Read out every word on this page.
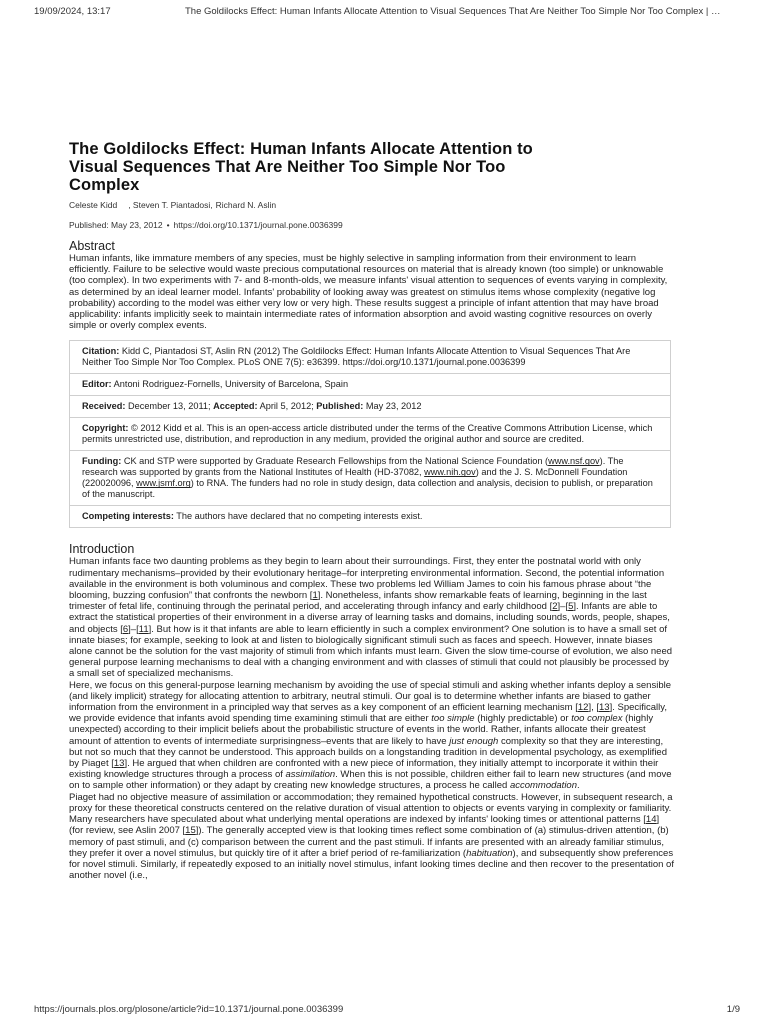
19/09/2024, 13:17	The Goldilocks Effect: Human Infants Allocate Attention to Visual Sequences That Are Neither Too Simple Nor Too Complex | …
The Goldilocks Effect: Human Infants Allocate Attention to Visual Sequences That Are Neither Too Simple Nor Too Complex
Celeste Kidd , Steven T. Piantadosi, Richard N. Aslin
Published: May 23, 2012 • https://doi.org/10.1371/journal.pone.0036399
Abstract

Human infants, like immature members of any species, must be highly selective in sampling information from their environment to learn efficiently. Failure to be selective would waste precious computational resources on material that is already known (too simple) or unknowable (too complex). In two experiments with 7- and 8-month-olds, we measure infants' visual attention to sequences of events varying in complexity, as determined by an ideal learner model. Infants' probability of looking away was greatest on stimulus items whose complexity (negative log probability) according to the model was either very low or very high. These results suggest a principle of infant attention that may have broad applicability: infants implicitly seek to maintain intermediate rates of information absorption and avoid wasting cognitive resources on overly simple or overly complex events.

Citation: Kidd C, Piantadosi ST, Aslin RN (2012) The Goldilocks Effect: Human Infants Allocate Attention to Visual Sequences That Are Neither Too Simple Nor Too Complex. PLoS ONE 7(5): e36399. https://doi.org/10.1371/journal.pone.0036399
Editor: Antoni Rodriguez-Fornells, University of Barcelona, Spain
Received: December 13, 2011; Accepted: April 5, 2012; Published: May 23, 2012
Copyright: © 2012 Kidd et al. This is an open-access article distributed under the terms of the Creative Commons Attribution License, which permits unrestricted use, distribution, and reproduction in any medium, provided the original author and source are credited.
Funding: CK and STP were supported by Graduate Research Fellowships from the National Science Foundation (www.nsf.gov). The research was supported by grants from the National Institutes of Health (HD-37082, www.nih.gov) and the J. S. McDonnell Foundation (220020096, www.jsmf.org) to RNA. The funders had no role in study design, data collection and analysis, decision to publish, or preparation of the manuscript.
Competing interests: The authors have declared that no competing interests exist.
Introduction

Human infants face two daunting problems as they begin to learn about their surroundings. First, they enter the postnatal world with only rudimentary mechanisms–provided by their evolutionary heritage–for interpreting environmental information. Second, the potential information available in the environment is both voluminous and complex. These two problems led William James to coin his famous phrase about “the blooming, buzzing confusion” that confronts the newborn [1]. Nonetheless, infants show remarkable feats of learning, beginning in the last trimester of fetal life, continuing through the perinatal period, and accelerating through infancy and early childhood [2]–[5]. Infants are able to extract the statistical properties of their environment in a diverse array of learning tasks and domains, including sounds, words, people, shapes, and objects [6]–[11]. But how is it that infants are able to learn efficiently in such a complex environment? One solution is to have a small set of innate biases; for example, seeking to look at and listen to biologically significant stimuli such as faces and speech. However, innate biases alone cannot be the solution for the vast majority of stimuli from which infants must learn. Given the slow time-course of evolution, we also need general purpose learning mechanisms to deal with a changing environment and with classes of stimuli that could not plausibly be processed by a small set of specialized mechanisms.

Here, we focus on this general-purpose learning mechanism by avoiding the use of special stimuli and asking whether infants deploy a sensible (and likely implicit) strategy for allocating attention to arbitrary, neutral stimuli. Our goal is to determine whether infants are biased to gather information from the environment in a principled way that serves as a key component of an efficient learning mechanism [12], [13]. Specifically, we provide evidence that infants avoid spending time examining stimuli that are either too simple (highly predictable) or too complex (highly unexpected) according to their implicit beliefs about the probabilistic structure of events in the world. Rather, infants allocate their greatest amount of attention to events of intermediate surprisingness–events that are likely to have just enough complexity so that they are interesting, but not so much that they cannot be understood. This approach builds on a longstanding tradition in developmental psychology, as exemplified by Piaget [13]. He argued that when children are confronted with a new piece of information, they initially attempt to incorporate it within their existing knowledge structures through a process of assimilation. When this is not possible, children either fail to learn new structures (and move on to sample other information) or they adapt by creating new knowledge structures, a process he called accommodation.

Piaget had no objective measure of assimilation or accommodation; they remained hypothetical constructs. However, in subsequent research, a proxy for these theoretical constructs centered on the relative duration of visual attention to objects or events varying in complexity or familiarity. Many researchers have speculated about what underlying mental operations are indexed by infants' looking times or attentional patterns [14] (for review, see Aslin 2007 [15]). The generally accepted view is that looking times reflect some combination of (a) stimulus-driven attention, (b) memory of past stimuli, and (c) comparison between the current and the past stimuli. If infants are presented with an already familiar stimulus, they prefer it over a novel stimulus, but quickly tire of it after a brief period of re-familiarization (habituation), and subsequently show preferences for novel stimuli. Similarly, if repeatedly exposed to an initially novel stimulus, infant looking times decline and then recover to the presentation of another novel (i.e.,

https://journals.plos.org/plosone/article?id=10.1371/journal.pone.0036399	1/9
